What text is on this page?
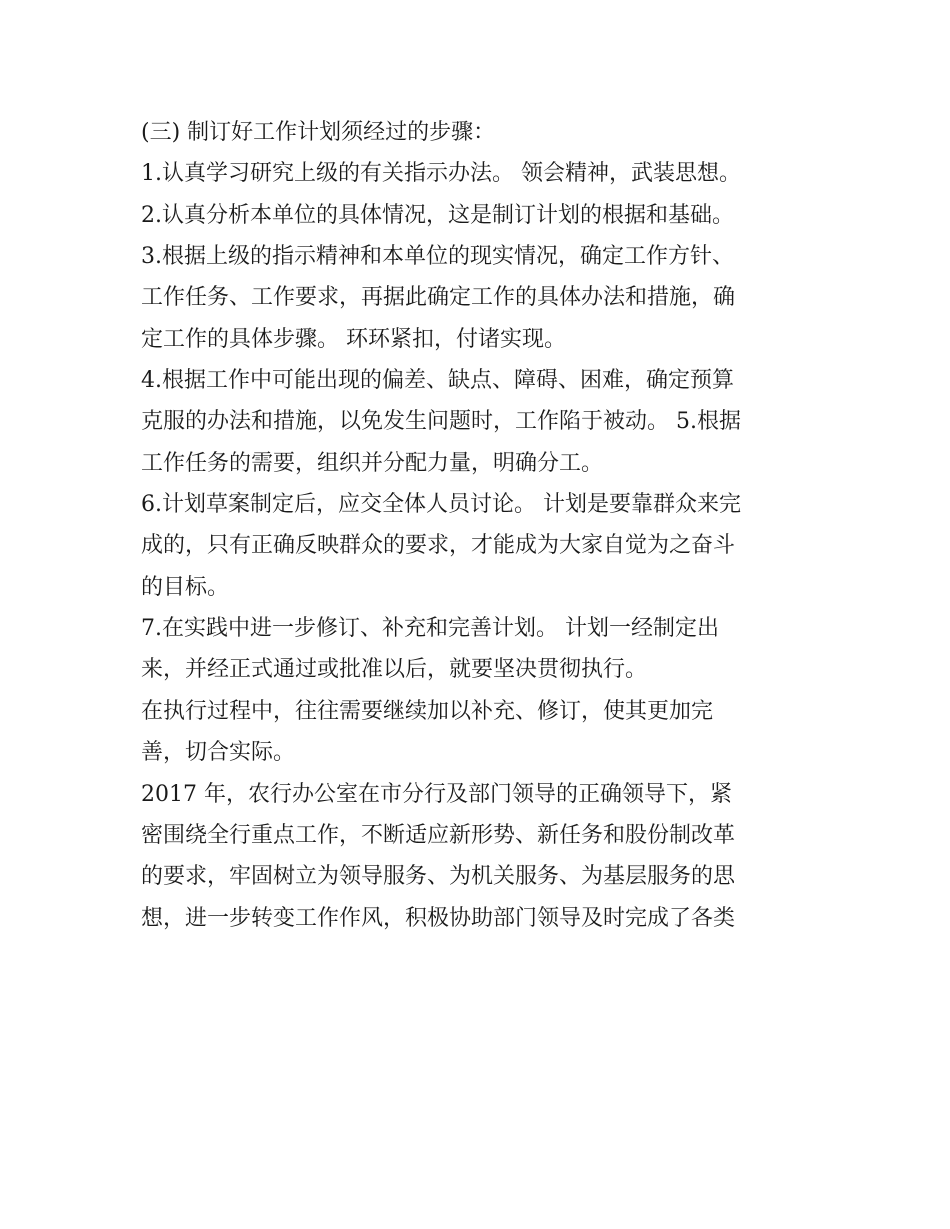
(三) 制订好工作计划须经过的步骤：
1.认真学习研究上级的有关指示办法。 领会精神，武装思想。
2.认真分析本单位的具体情况，这是制订计划的根据和基础。
3.根据上级的指示精神和本单位的现实情况，确定工作方针、
工作任务、工作要求，再据此确定工作的具体办法和措施，确
定工作的具体步骤。 环环紧扣，付诸实现。
4.根据工作中可能出现的偏差、缺点、障碍、困难，确定预算
克服的办法和措施，以免发生问题时，工作陷于被动。 5.根据
工作任务的需要，组织并分配力量，明确分工。
6.计划草案制定后，应交全体人员讨论。 计划是要靠群众来完
成的，只有正确反映群众的要求，才能成为大家自觉为之奋斗
的目标。
7.在实践中进一步修订、补充和完善计划。 计划一经制定出
来，并经正式通过或批准以后，就要坚决贯彻执行。
在执行过程中，往往需要继续加以补充、修订，使其更加完
善，切合实际。
2017 年，农行办公室在市分行及部门领导的正确领导下，紧
密围绕全行重点工作，不断适应新形势、新任务和股份制改革
的要求，牢固树立为领导服务、为机关服务、为基层服务的思
想，进一步转变工作作风，积极协助部门领导及时完成了各类
